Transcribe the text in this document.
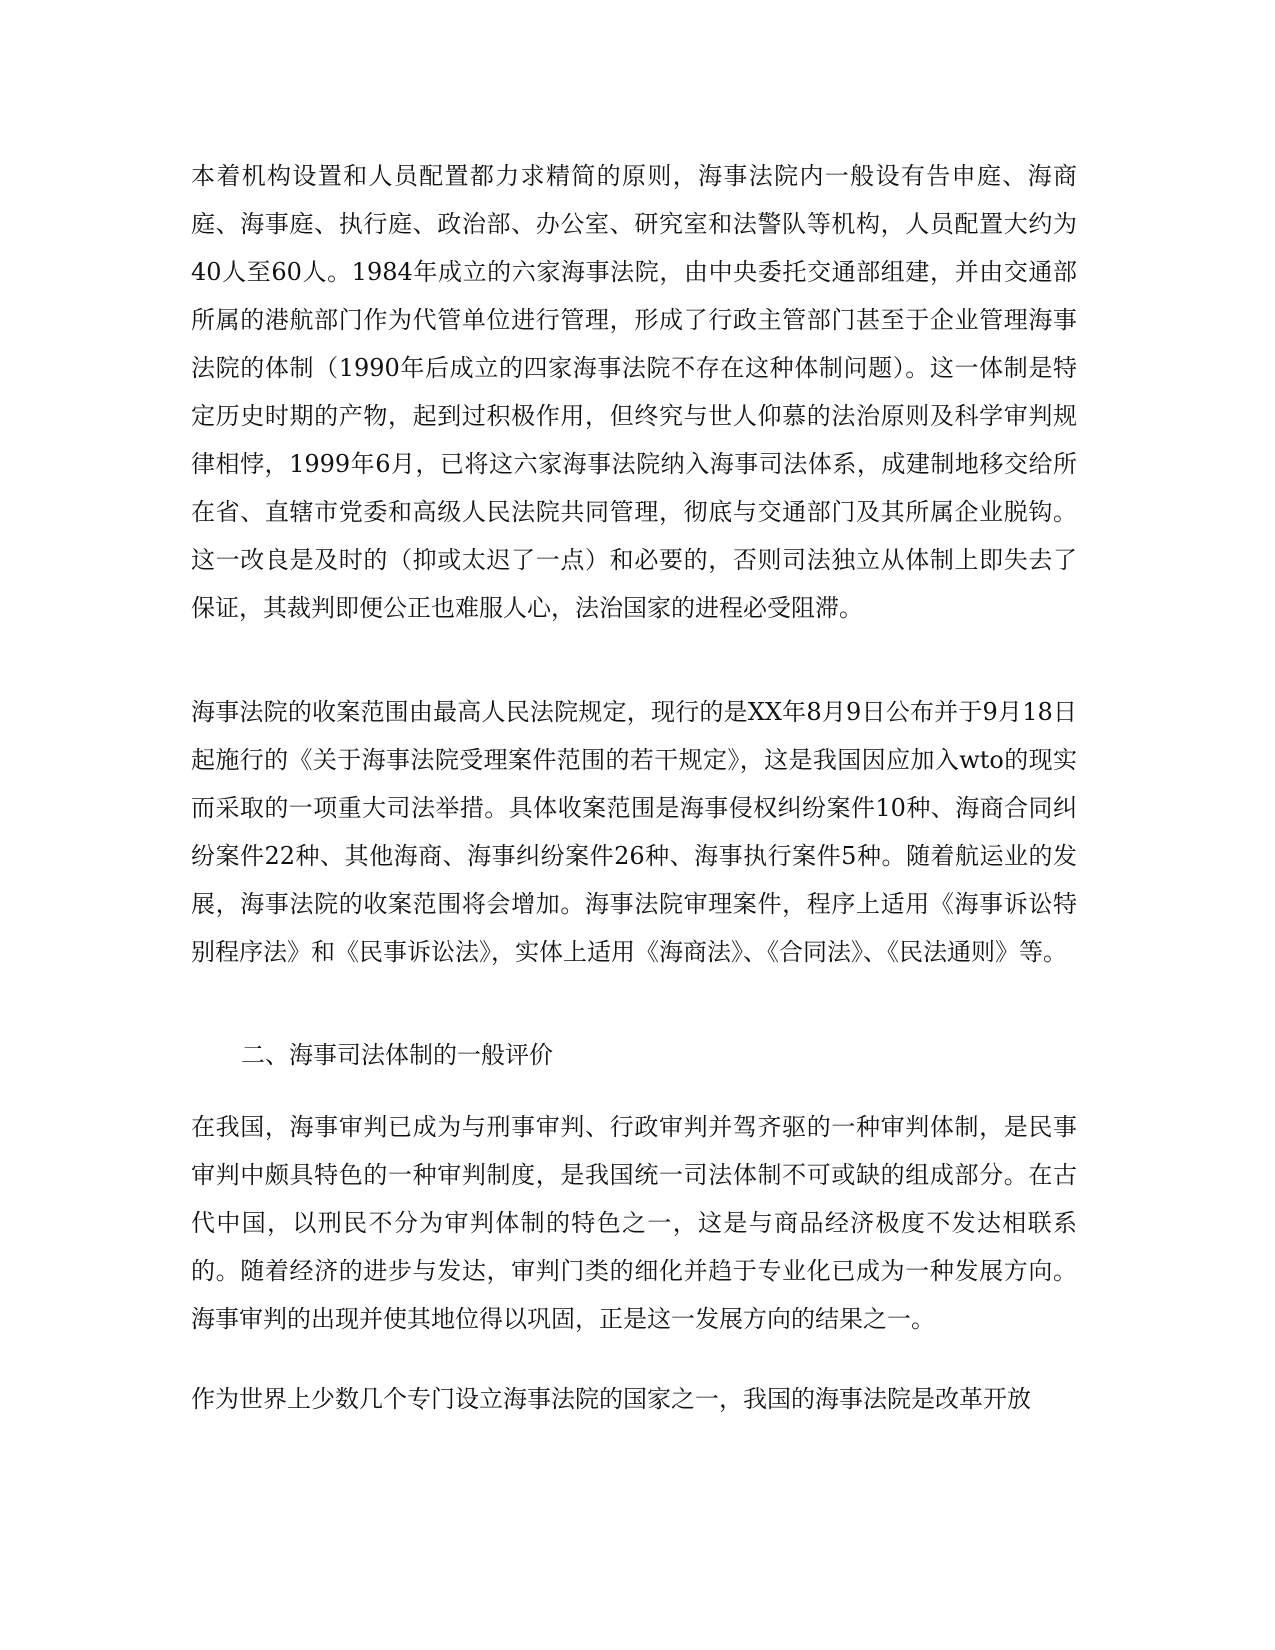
本着机构设置和人员配置都力求精简的原则，海事法院内一般设有告申庭、海商庭、海事庭、执行庭、政治部、办公室、研究室和法警队等机构，人员配置大约为40人至60人。1984年成立的六家海事法院，由中央委托交通部组建，并由交通部所属的港航部门作为代管单位进行管理，形成了行政主管部门甚至于企业管理海事法院的体制（1990年后成立的四家海事法院不存在这种体制问题）。这一体制是特定历史时期的产物，起到过积极作用，但终究与世人仰慕的法治原则及科学审判规律相悖，1999年6月，已将这六家海事法院纳入海事司法体系，成建制地移交给所在省、直辖市党委和高级人民法院共同管理，彻底与交通部门及其所属企业脱钩。这一改良是及时的（抑或太迟了一点）和必要的，否则司法独立从体制上即失去了保证，其裁判即便公正也难服人心，法治国家的进程必受阻滞。

海事法院的收案范围由最高人民法院规定，现行的是XX年8月9日公布并于9月18日起施行的《关于海事法院受理案件范围的若干规定》，这是我国因应加入wto的现实而采取的一项重大司法举措。具体收案范围是海事侵权纠纷案件10种、海商合同纠纷案件22种、其他海商、海事纠纷案件26种、海事执行案件5种。随着航运业的发展，海事法院的收案范围将会增加。海事法院审理案件，程序上适用《海事诉讼特别程序法》和《民事诉讼法》，实体上适用《海商法》、《合同法》、《民法通则》等。

二、海事司法体制的一般评价

在我国，海事审判已成为与刑事审判、行政审判并驾齐驱的一种审判体制，是民事审判中颇具特色的一种审判制度，是我国统一司法体制不可或缺的组成部分。在古代中国，以刑民不分为审判体制的特色之一，这是与商品经济极度不发达相联系的。随着经济的进步与发达，审判门类的细化并趋于专业化已成为一种发展方向。海事审判的出现并使其地位得以巩固，正是这一发展方向的结果之一。

作为世界上少数几个专门设立海事法院的国家之一，我国的海事法院是改革开放
